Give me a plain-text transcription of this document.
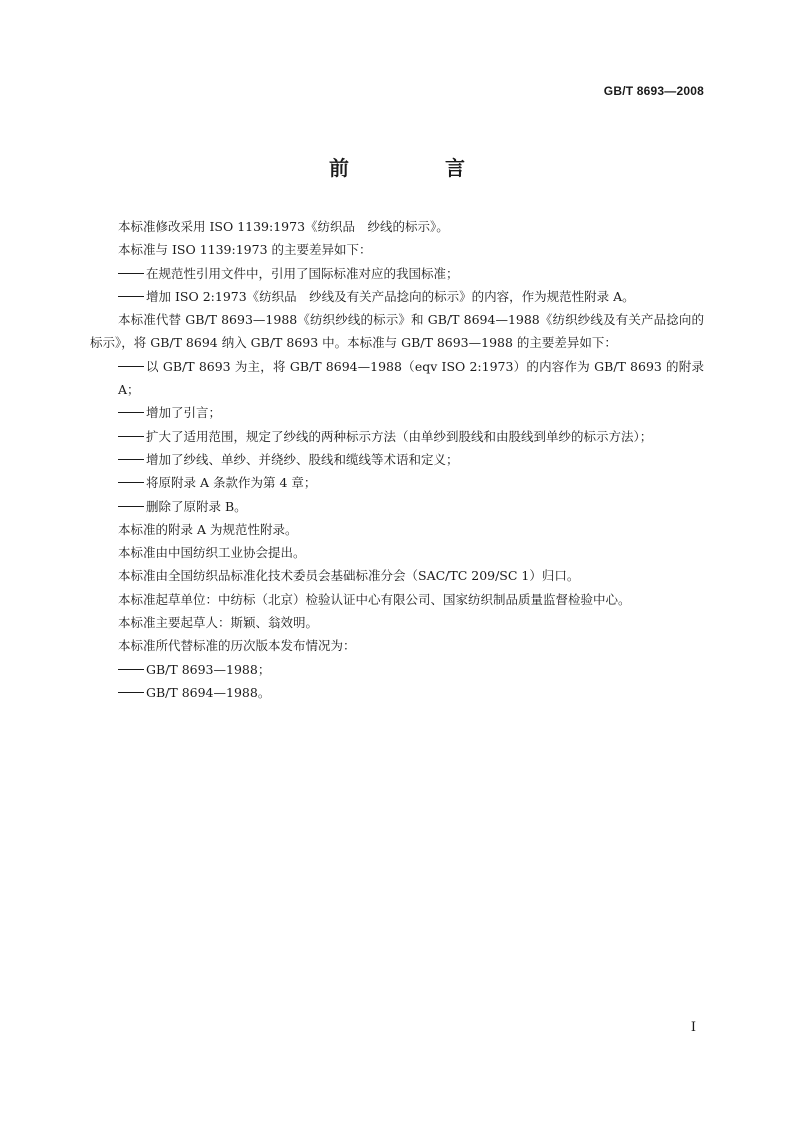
GB/T 8693—2008
前　言

本标准修改采用 ISO 1139:1973《纺织品　纱线的标示》。

本标准与 ISO 1139:1973 的主要差异如下：

在规范性引用文件中，引用了国际标准对应的我国标准；
增加 ISO 2:1973《纺织品　纱线及有关产品捻向的标示》的内容，作为规范性附录 A。

本标准代替 GB/T 8693—1988《纺织纱线的标示》和 GB/T 8694—1988《纺织纱线及有关产品捻向的标示》，将 GB/T 8694 纳入 GB/T 8693 中。本标准与 GB/T 8693—1988 的主要差异如下：

以 GB/T 8693 为主，将 GB/T 8694—1988（eqv ISO 2:1973）的内容作为 GB/T 8693 的附录 A；
增加了引言；
扩大了适用范围，规定了纱线的两种标示方法（由单纱到股线和由股线到单纱的标示方法）；
增加了纱线、单纱、并绕纱、股线和缆线等术语和定义；
将原附录 A 条款作为第 4 章；
删除了原附录 B。

本标准的附录 A 为规范性附录。

本标准由中国纺织工业协会提出。

本标准由全国纺织品标准化技术委员会基础标准分会（SAC/TC 209/SC 1）归口。

本标准起草单位：中纺标（北京）检验认证中心有限公司、国家纺织制品质量监督检验中心。

本标准主要起草人：斯颖、翁效明。

本标准所代替标准的历次版本发布情况为：

GB/T 8693—1988；
GB/T 8694—1988。
I
